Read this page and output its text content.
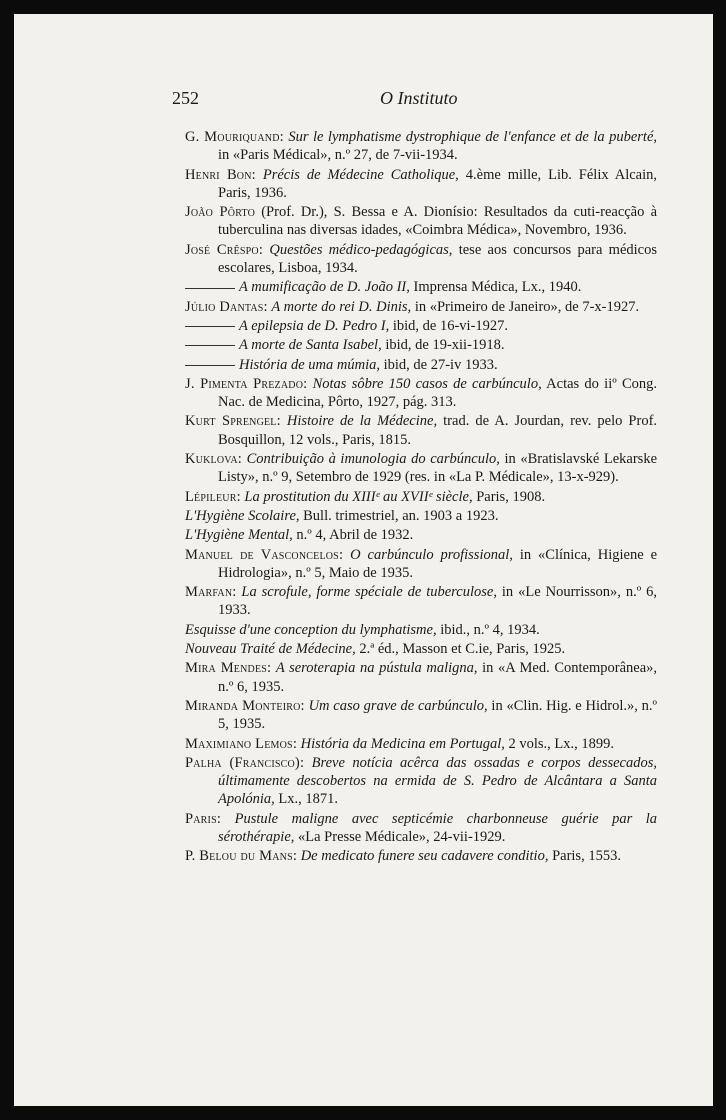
252	O Instituto
G. Mouriquand: Sur le lymphatisme dystrophique de l'enfance et de la puberté, in «Paris Médical», n.º 27, de 7-vii-1934.
Henri Bon: Précis de Médecine Catholique, 4.ème mille, Lib. Félix Alcain, Paris, 1936.
João Pôrto (Prof. Dr.), S. Bessa e A. Dionísio: Resultados da cuti-reacção à tuberculina nas diversas idades, «Coimbra Médica», Novembro, 1936.
José Crêspo: Questões médico-pedagógicas, tese aos concursos para médicos escolares, Lisboa, 1934.
A mumificação de D. João II, Imprensa Médica, Lx., 1940.
Júlio Dantas: A morte do rei D. Dinis, in «Primeiro de Janeiro», de 7-x-1927.
A epilepsia de D. Pedro I, ibid, de 16-vi-1927.
A morte de Santa Isabel, ibid, de 19-xii-1918.
História de uma múmia, ibid, de 27-iv 1933.
J. Pimenta Prezado: Notas sôbre 150 casos de carbúnculo, Actas do iiº Cong. Nac. de Medicina, Pôrto, 1927, pág. 313.
Kurt Sprengel: Histoire de la Médecine, trad. de A. Jourdan, rev. pelo Prof. Bosquillon, 12 vols., Paris, 1815.
Kuklova: Contribuição à imunologia do carbúnculo, in «Bratislavské Lekarske Listy», n.º 9, Setembro de 1929 (res. in «La P. Médicale», 13-x-929).
Lépileur: La prostitution du XIIIᵉ au XVIIᵉ siècle, Paris, 1908.
L'Hygiène Scolaire, Bull. trimestriel, an. 1903 a 1923.
L'Hygiène Mental, n.º 4, Abril de 1932.
Manuel de Vasconcelos: O carbúnculo profissional, in «Clínica, Higiene e Hidrologia», n.º 5, Maio de 1935.
Marfan: La scrofule, forme spéciale de tuberculose, in «Le Nourrisson», n.º 6, 1933.
Esquisse d'une conception du lymphatisme, ibid., n.º 4, 1934.
Nouveau Traité de Médecine, 2.ª éd., Masson et C.ie, Paris, 1925.
Mira Mendes: A seroterapia na pústula maligna, in «A Med. Contemporânea», n.º 6, 1935.
Miranda Monteiro: Um caso grave de carbúnculo, in «Clin. Hig. e Hidrol.», n.º 5, 1935.
Maximiano Lemos: História da Medicina em Portugal, 2 vols., Lx., 1899.
Palha (Francisco): Breve notícia acêrca das ossadas e corpos dessecados, últimamente descobertos na ermida de S. Pedro de Alcântara a Santa Apolónia, Lx., 1871.
Paris: Pustule maligne avec septicémie charbonneuse guérie par la sérothérapie, «La Presse Médicale», 24-vii-1929.
P. Belou du Mans: De medicato funere seu cadavere conditio, Paris, 1553.
